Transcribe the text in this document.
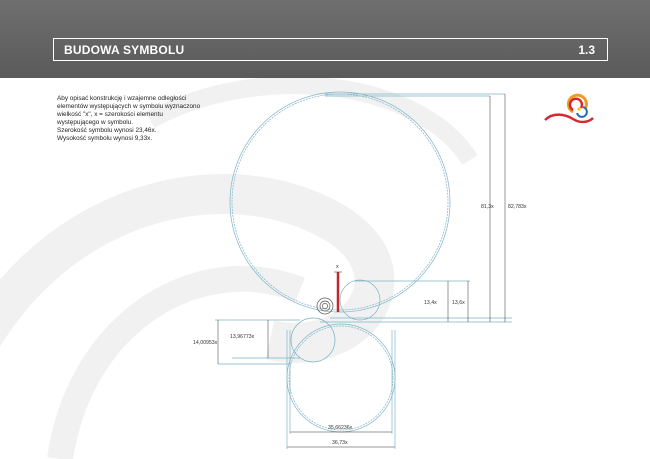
BUDOWA SYMBOLU	1.3

Aby opisać konstrukcję i wzajemne odległości

elementów występujących w symbolu wyznaczono

wielkość "x", x = szerokości elementu

występującego w symbolu.

Szerokość symbolu wynosi 23,46x.

Wysokość symbolu wynosi 9,33x.

x
81,3x	82,783x
13,4x	13,6x
14,00953x
13,96773x
35,66236x
36,73x
